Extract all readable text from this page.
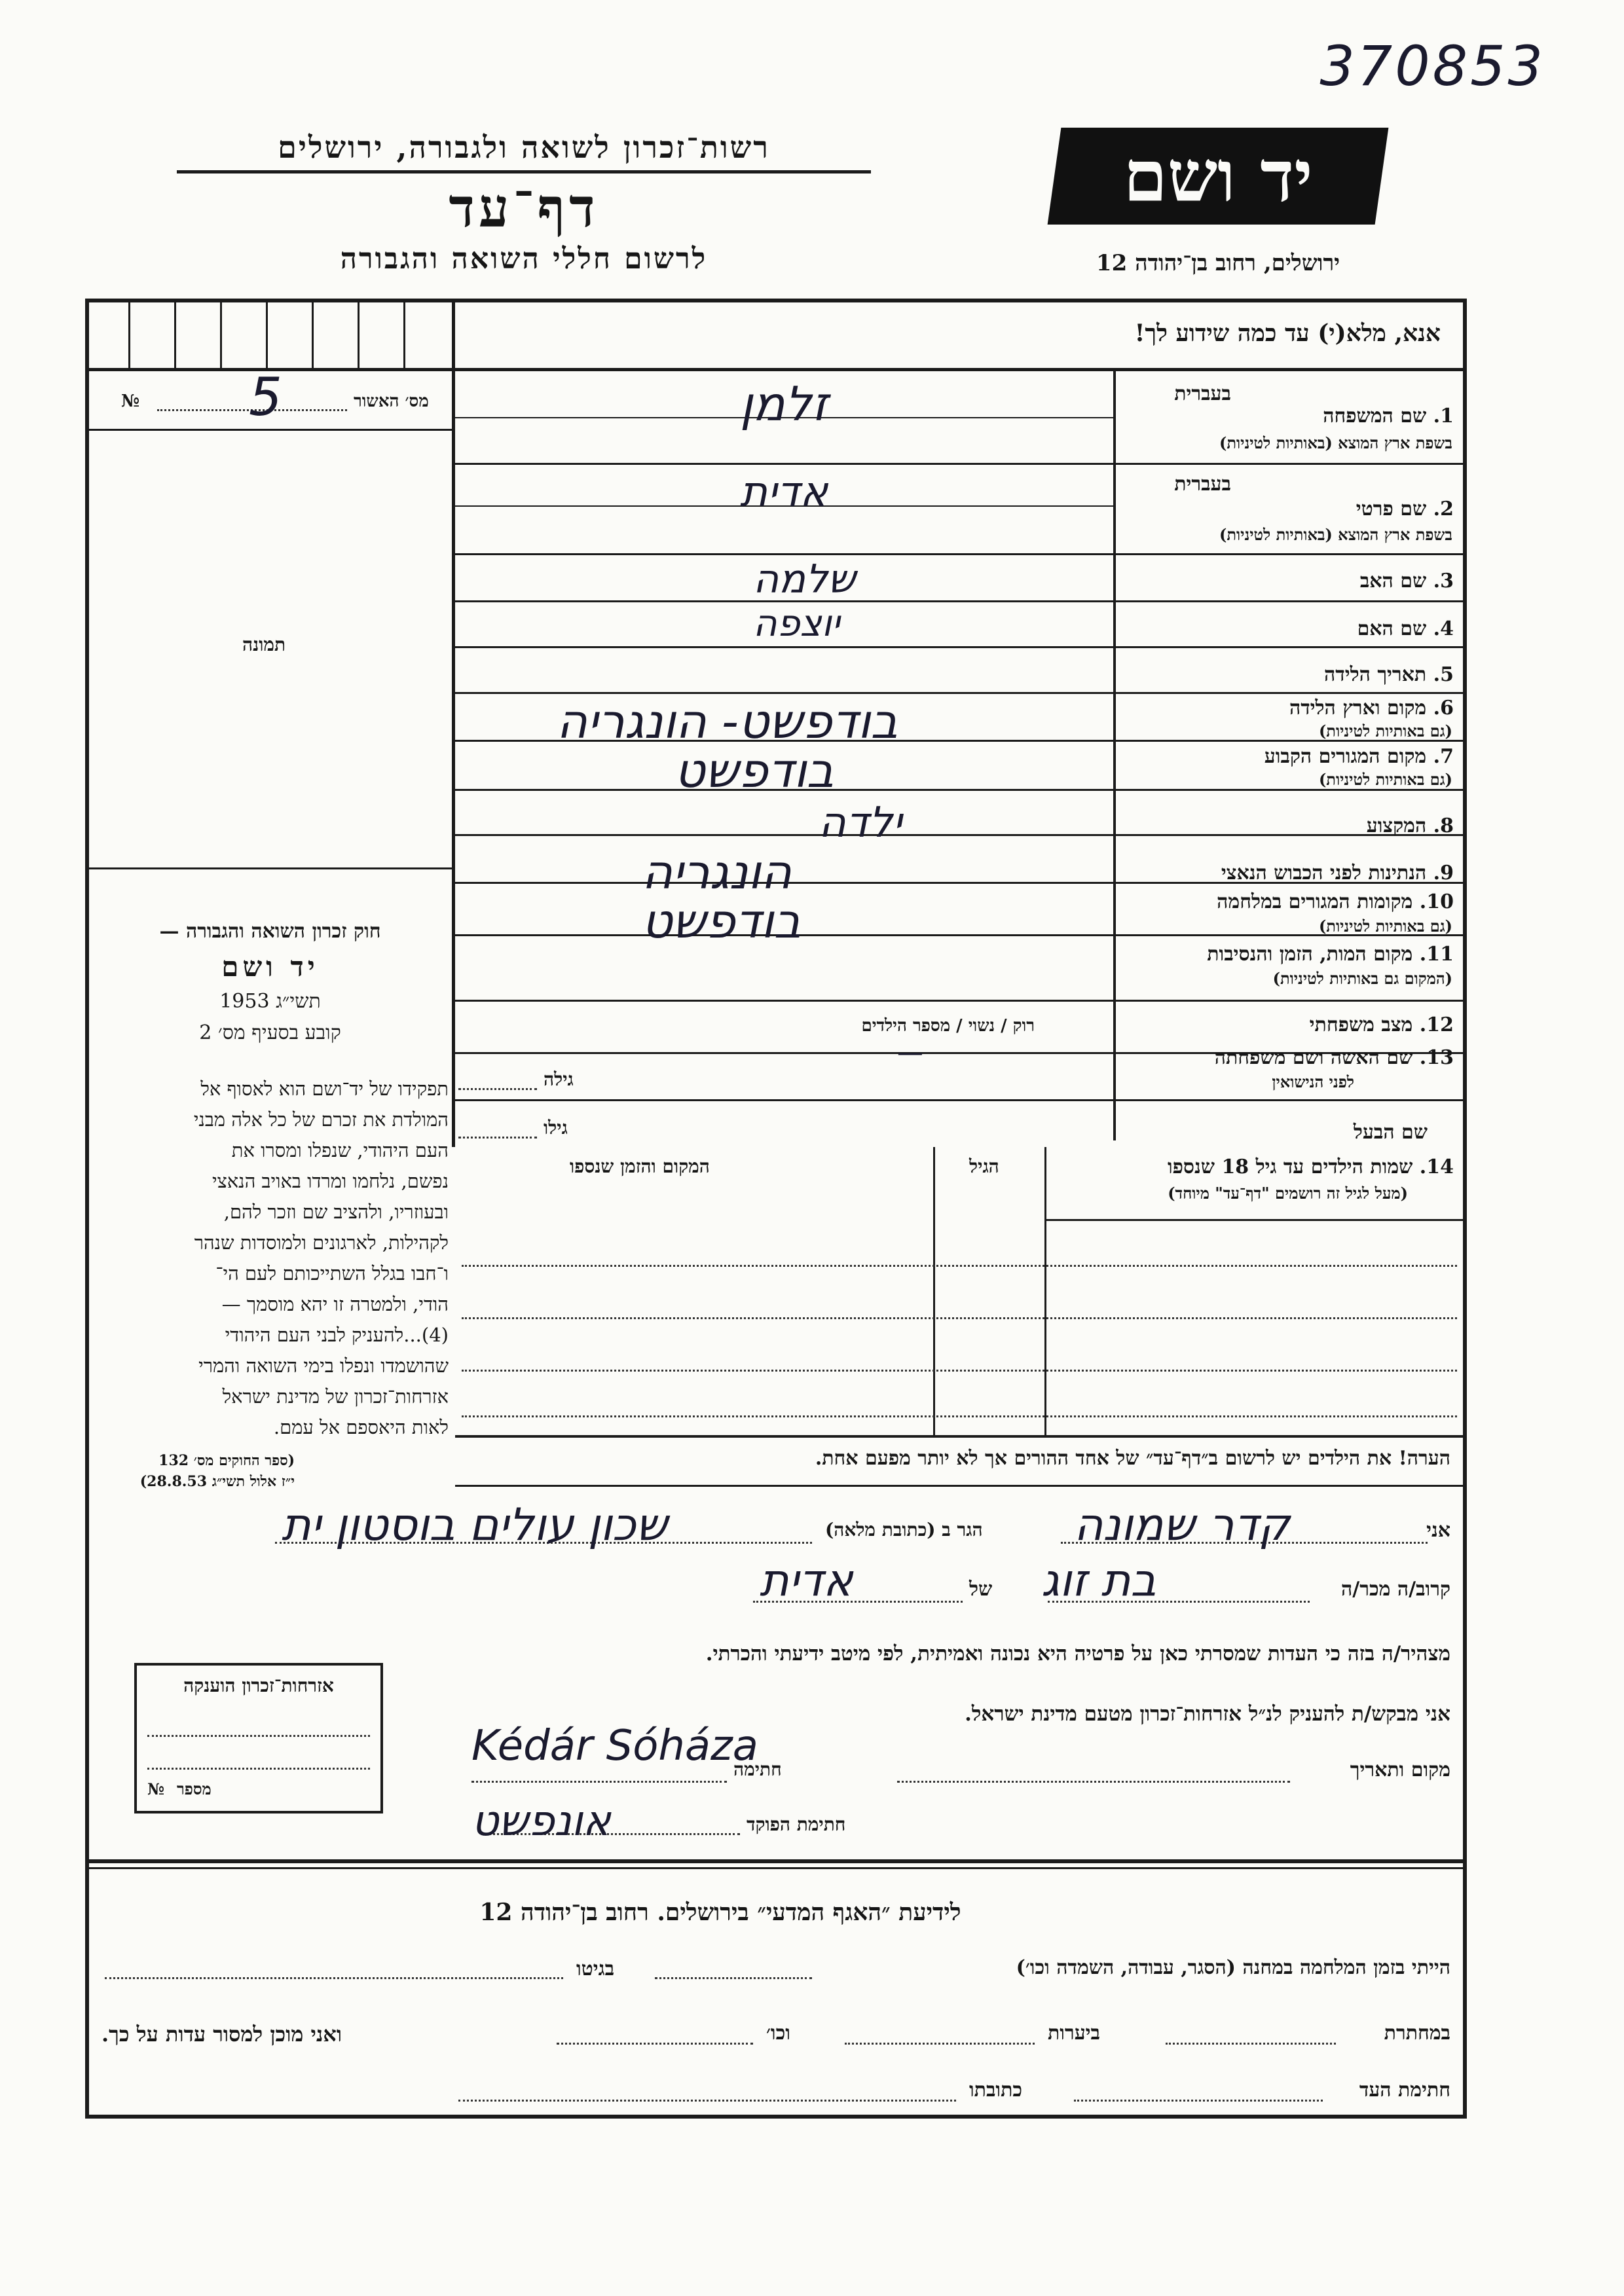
370853
יד ושם
רשות־זכרון לשואה ולגבורה, ירושלים
דף־עד
לרשום חללי השואה והגבורה	ירושלים, רחוב בן־יהודה 12
אנא, מלא(י) עד כמה שידוע לך!
מס׳ האשור
№ 5
תמונה
בעברית
1. שם המשפחה
בשפת ארץ המוצא (באותיות לטיניות)
בעברית
2. שם פרטי
בשפת ארץ המוצא (באותיות לטיניות)
3. שם האב
4. שם האם
5. תאריך הלידה
6. מקום וארץ הלידה
(גם באותיות לטיניות)
7. מקום המגורים הקבוע
(גם באותיות לטיניות)
8. המקצוע
9. הנתינות לפני הכבוש הנאצי
10. מקומות המגורים במלחמה
(גם באותיות לטיניות)
11. מקום המות, הזמן והנסיבות
(המקום גם באותיות לטיניות)
12. מצב משפחתי
רוק / נשוי / מספר הילדים
13. שם האשה ושם משפחתה
לפני הנישואין
גילה
שם הבעל
גילו
זלמן
אדית
שלמה
יוצפה
בודפשט- הונגריה
בודפשט
ילדה
הונגריה
בודפשט
—
14. שמות הילדים עד גיל 18 שנספו
(מעל לגיל זה רושמים "דף־עד" מיוחד)
הגיל
המקום והזמן שנספו
חוק זכרון השואה והגבורה —
יד ושם
תשי״ג 1953
קובע בסעיף מס׳ 2
תפקידו של יד־ושם הוא לאסוף אל
המולדת את זכרם של כל אלה מבני
העם היהודי, שנפלו ומסרו את
נפשם, נלחמו ומרדו באויב הנאצי
ובעוזריו, ולהציב שם וזכר להם,
לקהילות, לארגונים ולמוסדות שנהר
ו־חבו בגלל השתייכותם לעם הי־
הודי, ולמטרה זו יהא מוסמך —
(4)...להעניק לבני העם היהודי
שהושמדו ונפלו בימי השואה והמרי
אזרחות־זכרון של מדינת ישראל
לאות היאספם אל עמם.
(ספר החוקים מס׳ 132
י״ז אלול תשי״ג 28.8.53)
הערה! את הילדים יש לרשום ב״דף־עד״ של אחד ההורים אך לא יותר מפעם אחת.
אני
קדר שמונה
הגר ב (כתובת מלאה)
שכון עולים בוסטון ית
קרוב/ה מכר/ה
בת זוג
של
אדית
מצהיר/ה בזה כי העדות שמסרתי כאן על פרטיה היא נכונה ואמיתית, לפי מיטב ידיעתי והכרתי.
אני מבקש/ת להעניק לנ״ל אזרחות־זכרון מטעם מדינת ישראל.
מקום ותאריך
חתימה
Kédár Sóháza
חתימת הפוקד
אונפשט
אזרחות־זכרון הוענקה
מספר
№
לידיעת ״האגף המדעי״ בירושלים. רחוב בן־יהודה 12
הייתי בזמן המלחמה במחנה (הסגר, עבודה, השמדה וכו׳)
בגיטו
במחתרת
ביערות
וכו׳
ואני מוכן למסור עדות על כך.
חתימת העד
כתובתו
